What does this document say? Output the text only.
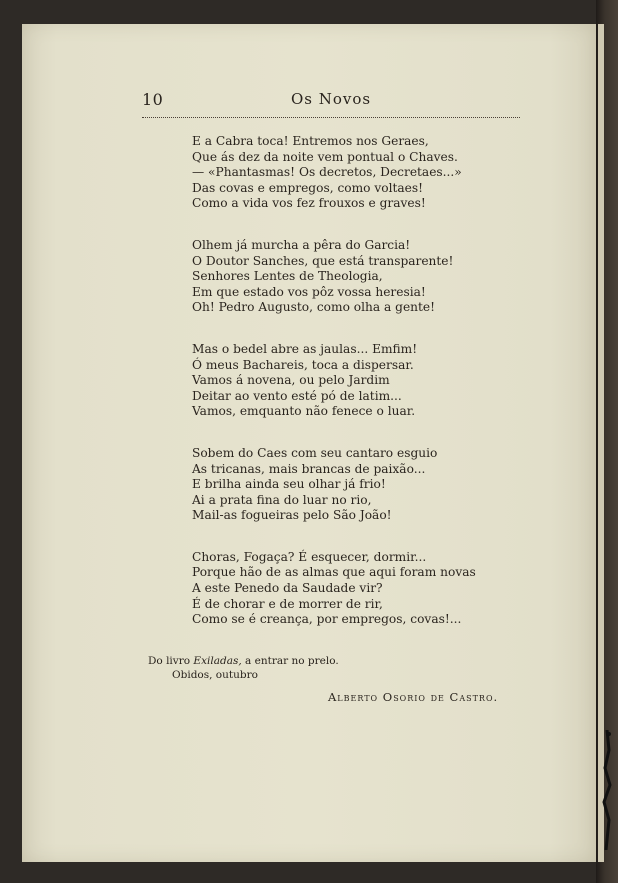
10	Os Novos
E a Cabra toca! Entremos nos Geraes,
Que ás dez da noite vem pontual o Chaves.
— «Phantasmas! Os decretos, Decretaes...»
Das covas e empregos, como voltaes!
Como a vida vos fez frouxos e graves!
Olhem já murcha a pêra do Garcia!
O Doutor Sanches, que está transparente!
Senhores Lentes de Theologia,
Em que estado vos pôz vossa heresia!
Oh! Pedro Augusto, como olha a gente!
Mas o bedel abre as jaulas... Emfim!
Ó meus Bachareis, toca a dispersar.
Vamos á novena, ou pelo Jardim
Deitar ao vento esté pó de latim...
Vamos, emquanto não fenece o luar.
Sobem do Caes com seu cantaro esguio
As tricanas, mais brancas de paixão...
E brilha ainda seu olhar já frio!
Ai a prata fina do luar no rio,
Mail-as fogueiras pelo São João!
Choras, Fogaça? É esquecer, dormir...
Porque hão de as almas que aqui foram novas
A este Penedo da Saudade vir?
É de chorar e de morrer de rir,
Como se é creança, por empregos, covas!...
Do livro Exiladas, a entrar no prelo.
Obidos, outubro
Alberto Osorio de Castro.
